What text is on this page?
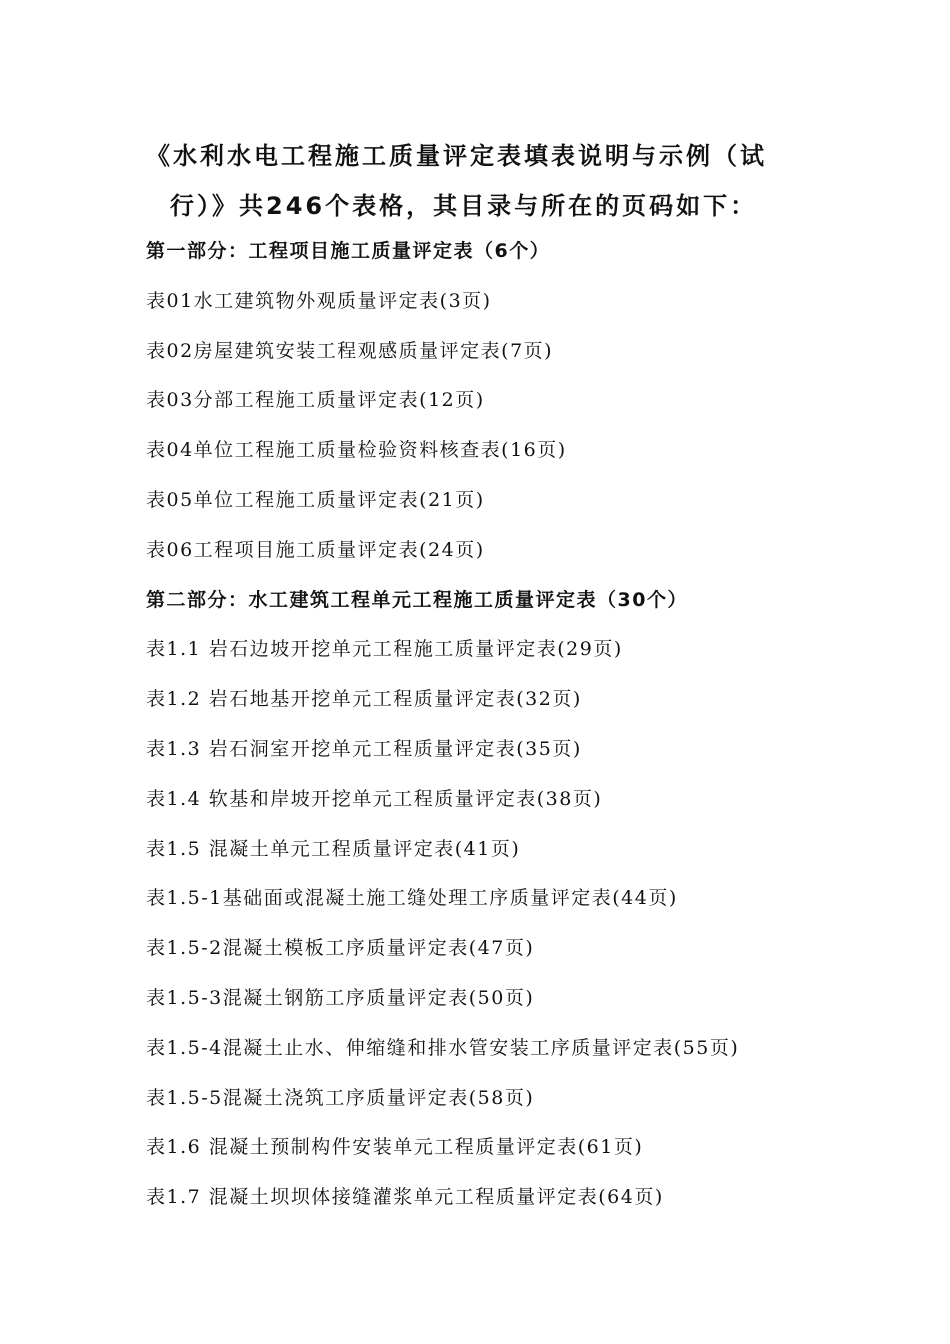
《水利水电工程施工质量评定表填表说明与示例（试
行）》共246个表格，其目录与所在的页码如下：
第一部分：工程项目施工质量评定表（6个）
表01水工建筑物外观质量评定表(3页)
表02房屋建筑安装工程观感质量评定表(7页)
表03分部工程施工质量评定表(12页)
表04单位工程施工质量检验资料核查表(16页)
表05单位工程施工质量评定表(21页)
表06工程项目施工质量评定表(24页)
第二部分：水工建筑工程单元工程施工质量评定表（30个）
表1.1 岩石边坡开挖单元工程施工质量评定表(29页)
表1.2 岩石地基开挖单元工程质量评定表(32页)
表1.3 岩石洞室开挖单元工程质量评定表(35页)
表1.4 软基和岸坡开挖单元工程质量评定表(38页)
表1.5 混凝土单元工程质量评定表(41页)
表1.5-1基础面或混凝土施工缝处理工序质量评定表(44页)
表1.5-2混凝土模板工序质量评定表(47页)
表1.5-3混凝土钢筋工序质量评定表(50页)
表1.5-4混凝土止水、伸缩缝和排水管安装工序质量评定表(55页)
表1.5-5混凝土浇筑工序质量评定表(58页)
表1.6 混凝土预制构件安装单元工程质量评定表(61页)
表1.7 混凝土坝坝体接缝灌浆单元工程质量评定表(64页)
